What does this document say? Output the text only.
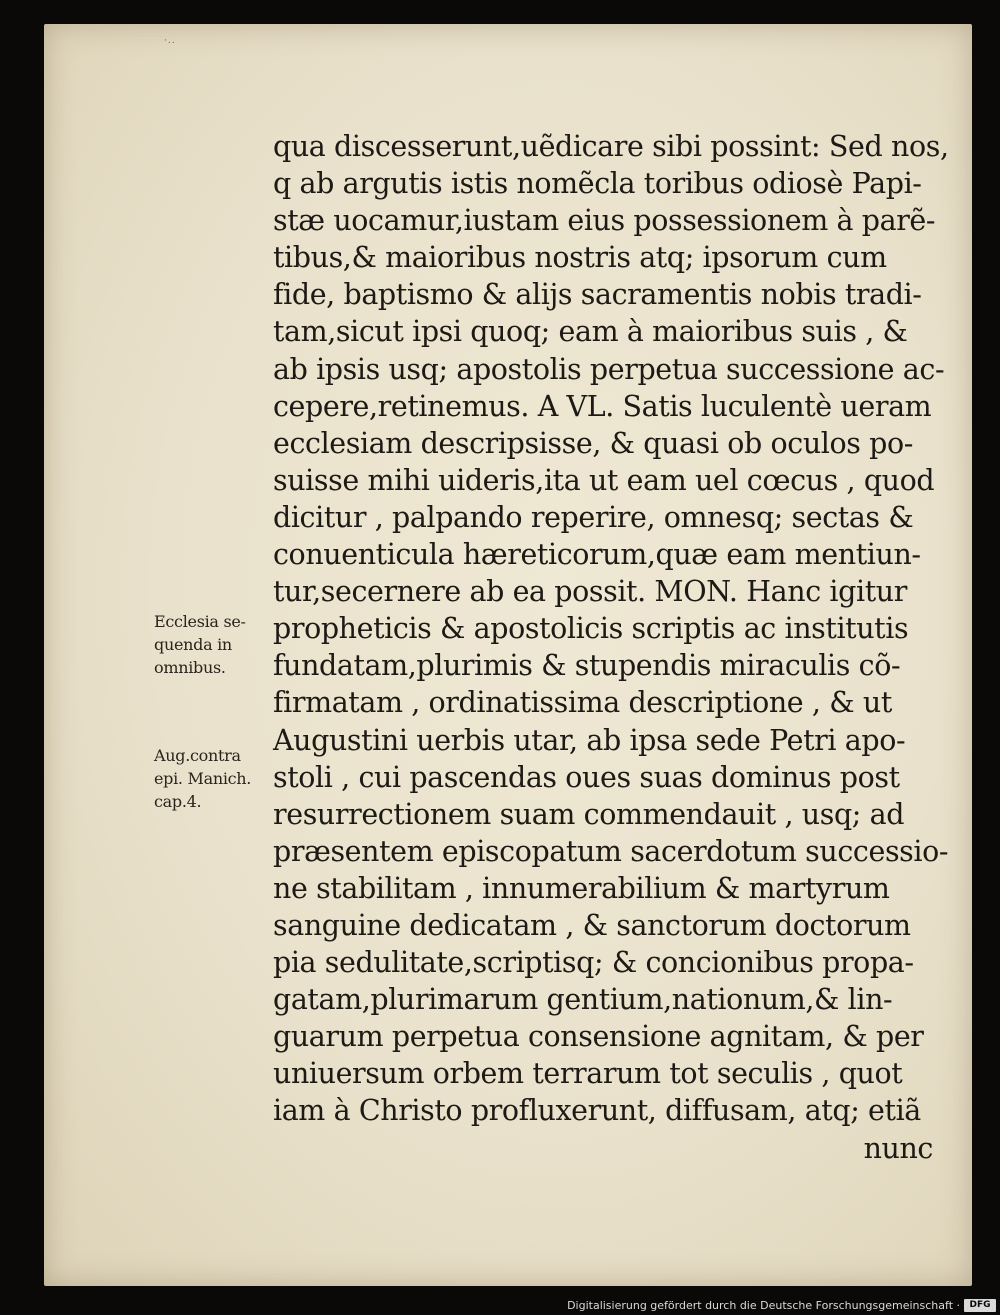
·..
qua discesserunt,uẽdicare sibi possint: Sed nos,
q ab argutis istis nomẽcla toribus odiosè Papi-
stæ uocamur,iustam eius possessionem à parẽ-
tibus,& maioribus nostris atq; ipsorum cum
fide, baptismo & alijs sacramentis nobis tradi-
tam,sicut ipsi quoq; eam à maioribus suis , &
ab ipsis usq; apostolis perpetua successione ac-
cepere,retinemus. A VL. Satis luculentè ueram
ecclesiam descripsisse, & quasi ob oculos po-
suisse mihi uideris,ita ut eam uel cœcus , quod
dicitur , palpando reperire, omnesq; sectas &
conuenticula hæreticorum,quæ eam mentiun-
tur,secernere ab ea possit. MON. Hanc igitur
propheticis & apostolicis scriptis ac institutis
fundatam,plurimis & stupendis miraculis cõ-
firmatam , ordinatissima descriptione , & ut
Augustini uerbis utar, ab ipsa sede Petri apo-
stoli , cui pascendas oues suas dominus post
resurrectionem suam commendauit , usq; ad
præsentem episcopatum sacerdotum successio-
ne stabilitam , innumerabilium & martyrum
sanguine dedicatam , & sanctorum doctorum
pia sedulitate,scriptisq; & concionibus propa-
gatam,plurimarum gentium,nationum,& lin-
guarum perpetua consensione agnitam, & per
uniuersum orbem terrarum tot seculis , quot
iam à Christo profluxerunt, diffusam, atq; etiã
nunc
Ecclesia se-
quenda in
omnibus.
Aug.contra
epi. Manich.
cap.4.
Digitalisierung gefördert durch die Deutsche Forschungsgemeinschaft ·	DFG
